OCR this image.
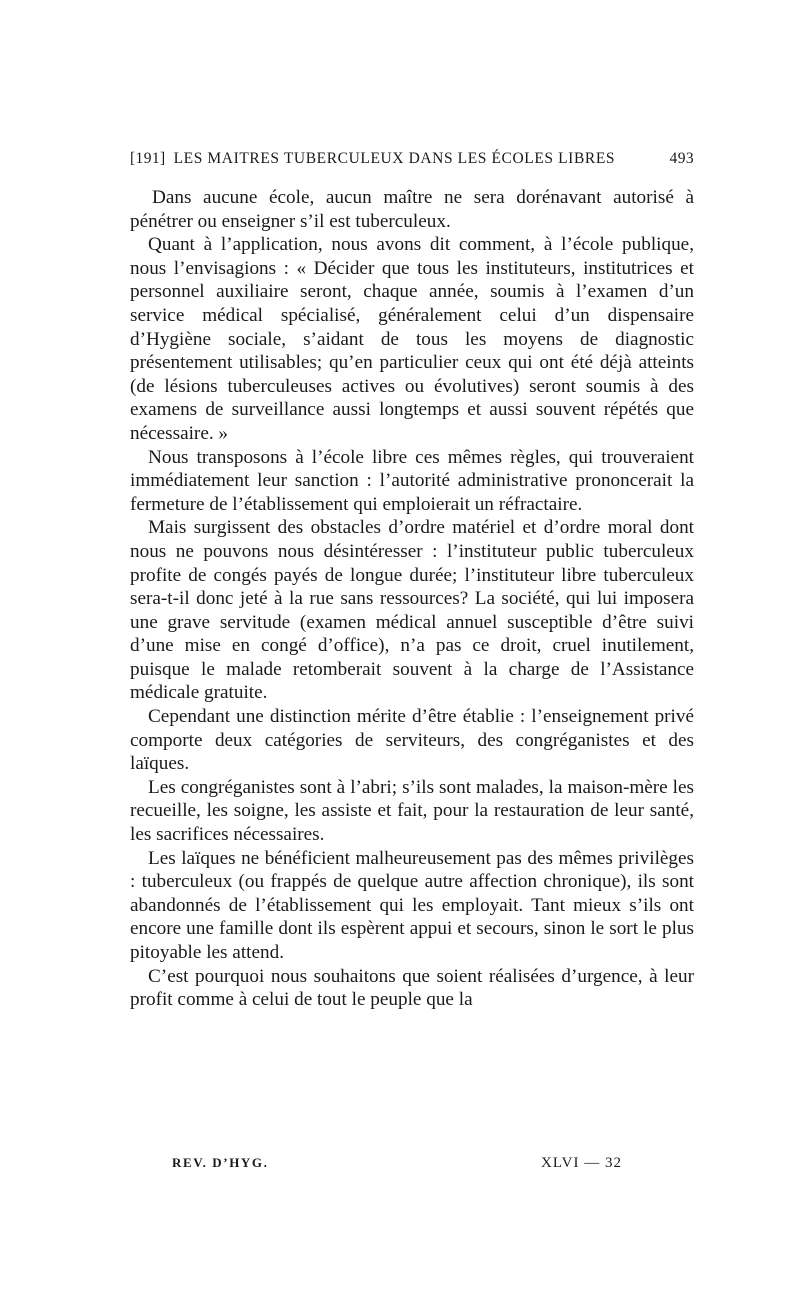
[191] LES MAITRES TUBERCULEUX DANS LES ÉCOLES LIBRES	493

Dans aucune école, aucun maître ne sera dorénavant autorisé à pénétrer ou enseigner s’il est tuberculeux.

Quant à l’application, nous avons dit comment, à l’école publique, nous l’envisagions : « Décider que tous les instituteurs, institutrices et personnel auxiliaire seront, chaque année, soumis à l’examen d’un service médical spécialisé, généralement celui d’un dispensaire d’Hygiène sociale, s’aidant de tous les moyens de diagnostic présentement utilisables; qu’en particulier ceux qui ont été déjà atteints (de lésions tuberculeuses actives ou évolutives) seront soumis à des examens de surveillance aussi longtemps et aussi souvent répétés que nécessaire. »

Nous transposons à l’école libre ces mêmes règles, qui trouveraient immédiatement leur sanction : l’autorité administrative prononcerait la fermeture de l’établissement qui emploierait un réfractaire.

Mais surgissent des obstacles d’ordre matériel et d’ordre moral dont nous ne pouvons nous désintéresser : l’instituteur public tuberculeux profite de congés payés de longue durée; l’instituteur libre tuberculeux sera-t-il donc jeté à la rue sans ressources? La société, qui lui imposera une grave servitude (examen médical annuel susceptible d’être suivi d’une mise en congé d’office), n’a pas ce droit, cruel inutilement, puisque le malade retomberait souvent à la charge de l’Assistance médicale gratuite.

Cependant une distinction mérite d’être établie : l’enseignement privé comporte deux catégories de serviteurs, des congréganistes et des laïques.

Les congréganistes sont à l’abri; s’ils sont malades, la maison-mère les recueille, les soigne, les assiste et fait, pour la restauration de leur santé, les sacrifices nécessaires.

Les laïques ne bénéficient malheureusement pas des mêmes privilèges : tuberculeux (ou frappés de quelque autre affection chronique), ils sont abandonnés de l’établissement qui les employait. Tant mieux s’ils ont encore une famille dont ils espèrent appui et secours, sinon le sort le plus pitoyable les attend.

C’est pourquoi nous souhaitons que soient réalisées d’urgence, à leur profit comme à celui de tout le peuple que la

REV. D’HYG.	XLVI — 32
